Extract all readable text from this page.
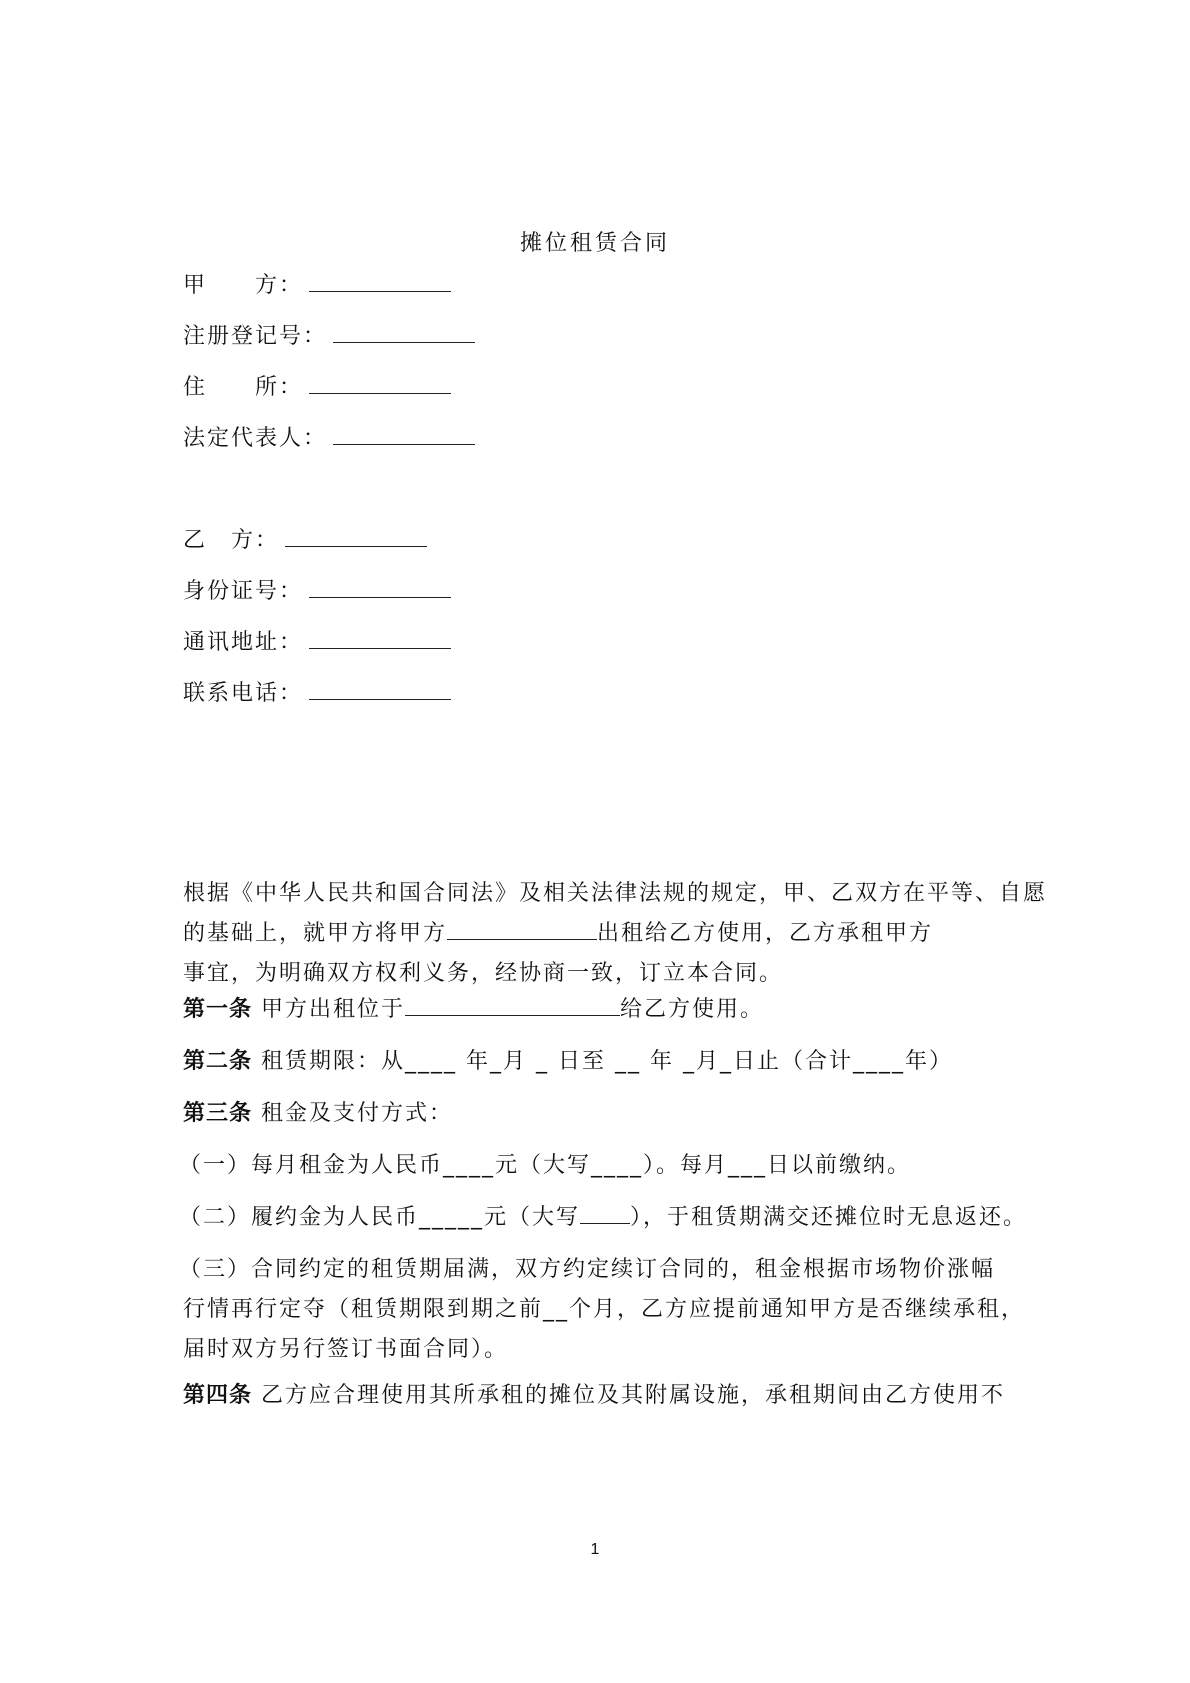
摊位租赁合同
甲　　方：
注册登记号：
住　　所：
法定代表人：
乙　方：
身份证号：
通讯地址：
联系电话：
根据《中华人民共和国合同法》及相关法律法规的规定，甲、乙双方在平等、自愿
的基础上，就甲方将甲方	出租给乙方使用，乙方承租甲方
事宜，为明确双方权利义务，经协商一致，订立本合同。
第一条 甲方出租位于	给乙方使用。
第二条 租赁期限：从____ 年_月 _ 日至 __ 年 _月_日止（合计____年）
第三条 租金及支付方式：
（一）每月租金为人民币____元（大写____）。每月___日以前缴纳。
（二）履约金为人民币_____元（大写 ），于租赁期满交还摊位时无息返还。
（三）合同约定的租赁期届满，双方约定续订合同的，租金根据市场物价涨幅
行情再行定夺（租赁期限到期之前__个月，乙方应提前通知甲方是否继续承租，
届时双方另行签订书面合同）。
第四条 乙方应合理使用其所承租的摊位及其附属设施，承租期间由乙方使用不
1
